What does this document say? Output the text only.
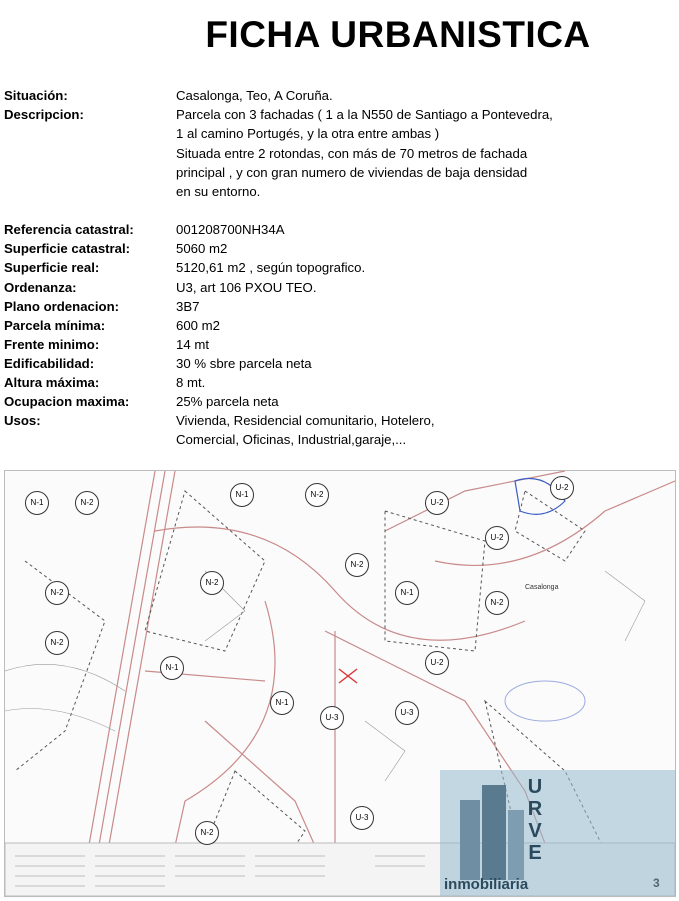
FICHA URBANISTICA
Situación:	Casalonga, Teo, A Coruña.
Descripcion:	Parcela con 3 fachadas ( 1 a la N550 de Santiago a Pontevedra,
1 al camino Portugés, y la otra entre ambas )
Situada entre 2 rotondas, con más de 70 metros de fachada
principal , y con gran numero de viviendas de baja densidad
en su entorno.
Referencia catastral:	001208700NH34A
Superficie catastral:	5060 m2
Superficie real:	5120,61 m2 , según topografico.
Ordenanza:	U3, art 106 PXOU TEO.
Plano ordenacion:	3B7
Parcela mínima:	600 m2
Frente minimo:	14 mt
Edificabilidad:	30 % sbre parcela neta
Altura máxima:	8 mt.
Ocupacion maxima:	25% parcela neta
Usos:	Vivienda, Residencial comunitario, Hotelero,
Comercial, Oficinas, Industrial,garaje,...
Casalonga
N-1	N-2
N-2
N-2
N-2
N-1	N-2
N-2
N-1
N-1
U-2
U-2
U-2
U-2
U-3
U-3
N-1
N-2
N-2
U-3
U
R
V
E
inmobiliaria
